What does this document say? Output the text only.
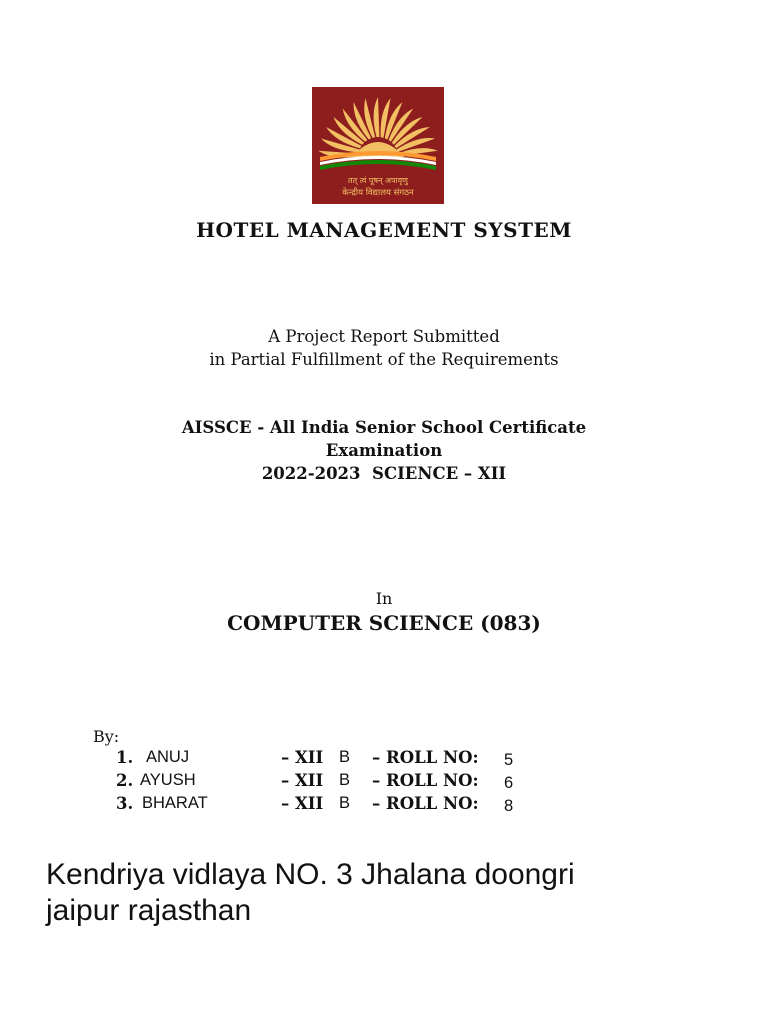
तत् त्वं पूषन् अपावृणु
केन्द्रीय विद्यालय संगठन
HOTEL MANAGEMENT SYSTEM
A Project Report Submitted
in Partial Fulfillment of the Requirements
AISSCE - All India Senior School Certificate
Examination
2022-2023 SCIENCE – XII
In
COMPUTER SCIENCE (083)
By:
1. ANUJ	– XII B – ROLL NO: 5
2. AYUSH	– XII B – ROLL NO: 6
3. BHARAT	– XII B – ROLL NO: 8
Kendriya vidlaya NO. 3 Jhalana doongri
jaipur rajasthan
